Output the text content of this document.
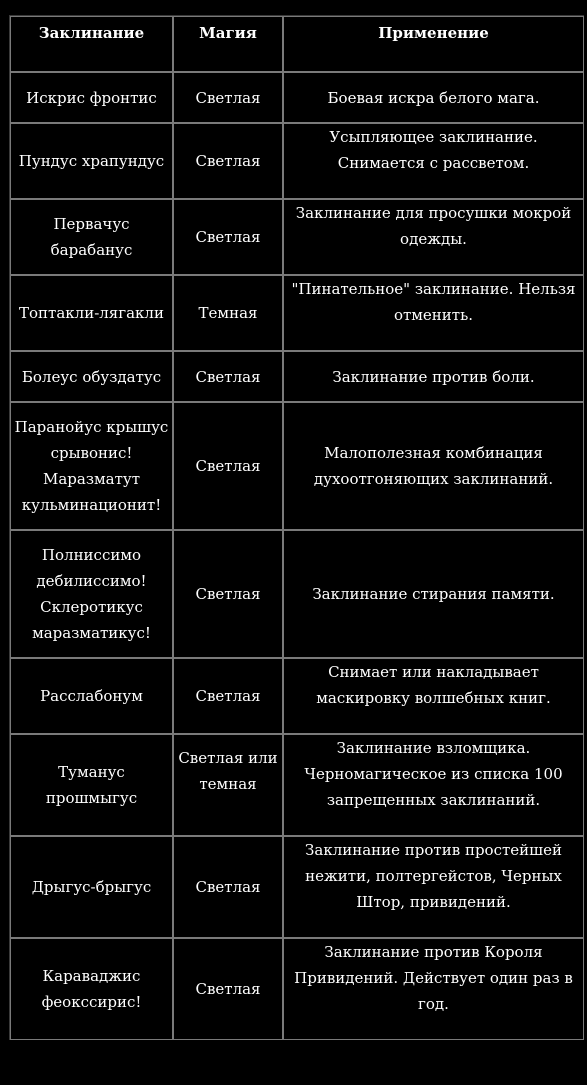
Заклинание	Магия	Применение
Искрис фронтис	Светлая	Боевая искра белого мага.
Пундус храпундус	Светлая	Усыпляющее заклинание. Снимается с рассветом.
Первачус барабанус	Светлая	Заклинание для просушки мокрой одежды.
Топтакли-лягакли	Темная	"Пинательное" заклинание. Нельзя отменить.
Болеус обуздатус	Светлая	Заклинание против боли.
Паранойус крышус срывонис! Маразматут кульминационит!	Светлая	Малополезная комбинация духоотгоняющих заклинаний.
Полниссимо дебилиссимо! Склеротикус маразматикус!	Светлая	Заклинание стирания памяти.
Расслабонум	Светлая	Снимает или накладывает маскировку волшебных книг.
Туманус прошмыгус	Светлая или темная	Заклинание взломщика. Черномагическое из списка 100 запрещенных заклинаний.
Дрыгус-брыгус	Светлая	Заклинание против простейшей нежити, полтергейстов, Черных Штор, привидений.
Караваджис феокссирис!	Светлая	Заклинание против Короля Привидений. Действует один раз в год.
